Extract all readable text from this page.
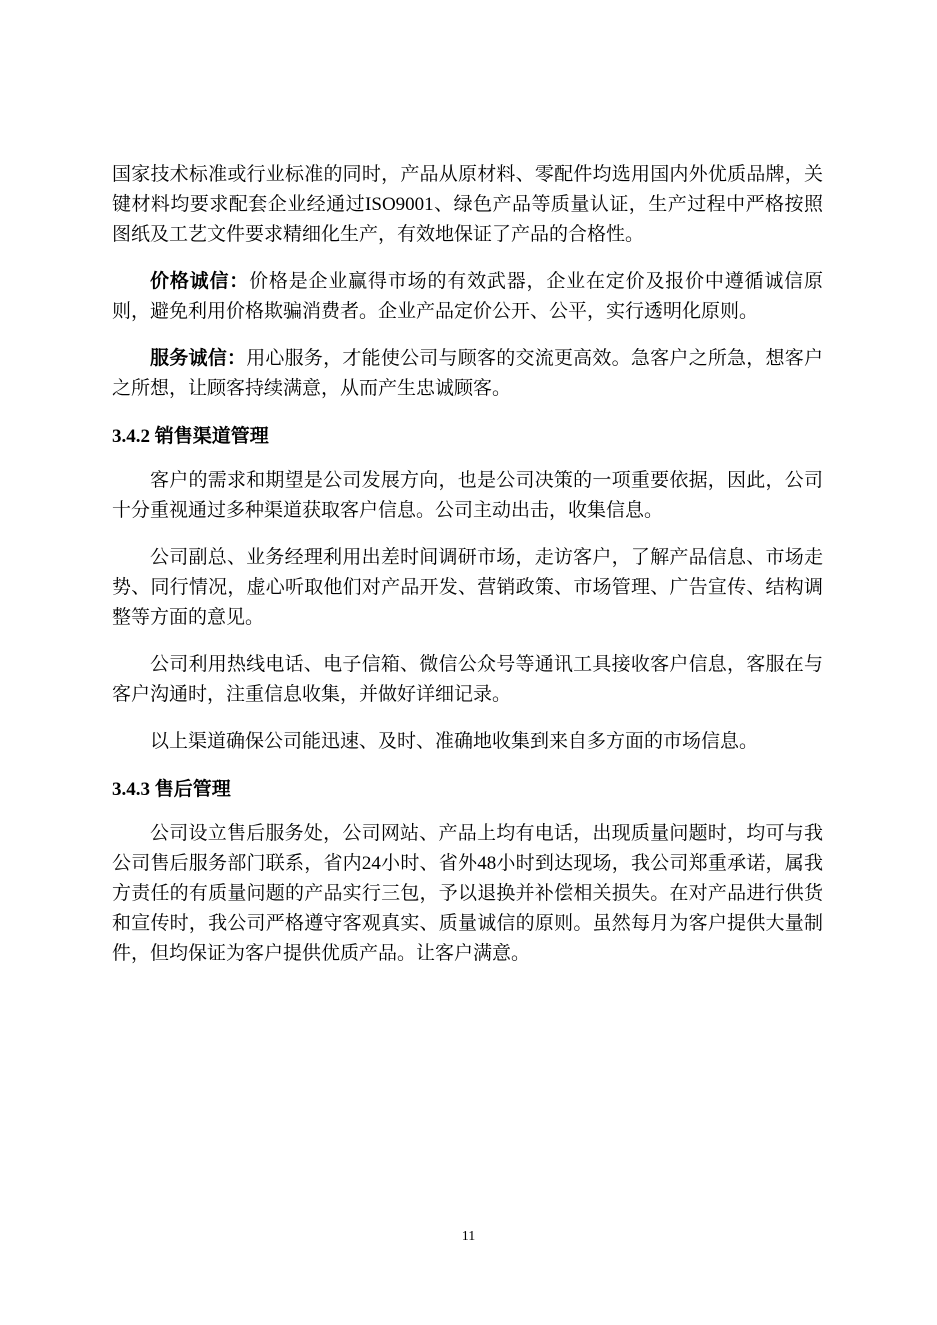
国家技术标准或行业标准的同时，产品从原材料、零配件均选用国内外优质品牌，关键材料均要求配套企业经通过ISO9001、绿色产品等质量认证，生产过程中严格按照图纸及工艺文件要求精细化生产，有效地保证了产品的合格性。

价格诚信：价格是企业赢得市场的有效武器，企业在定价及报价中遵循诚信原则，避免利用价格欺骗消费者。企业产品定价公开、公平，实行透明化原则。

服务诚信：用心服务，才能使公司与顾客的交流更高效。急客户之所急，想客户之所想，让顾客持续满意，从而产生忠诚顾客。

3.4.2 销售渠道管理

客户的需求和期望是公司发展方向，也是公司决策的一项重要依据，因此，公司十分重视通过多种渠道获取客户信息。公司主动出击，收集信息。

公司副总、业务经理利用出差时间调研市场，走访客户，了解产品信息、市场走势、同行情况，虚心听取他们对产品开发、营销政策、市场管理、广告宣传、结构调整等方面的意见。

公司利用热线电话、电子信箱、微信公众号等通讯工具接收客户信息，客服在与客户沟通时，注重信息收集，并做好详细记录。

以上渠道确保公司能迅速、及时、准确地收集到来自多方面的市场信息。

3.4.3 售后管理

公司设立售后服务处，公司网站、产品上均有电话，出现质量问题时，均可与我公司售后服务部门联系，省内24小时、省外48小时到达现场，我公司郑重承诺，属我方责任的有质量问题的产品实行三包，予以退换并补偿相关损失。在对产品进行供货和宣传时，我公司严格遵守客观真实、质量诚信的原则。虽然每月为客户提供大量制件，但均保证为客户提供优质产品。让客户满意。

11
